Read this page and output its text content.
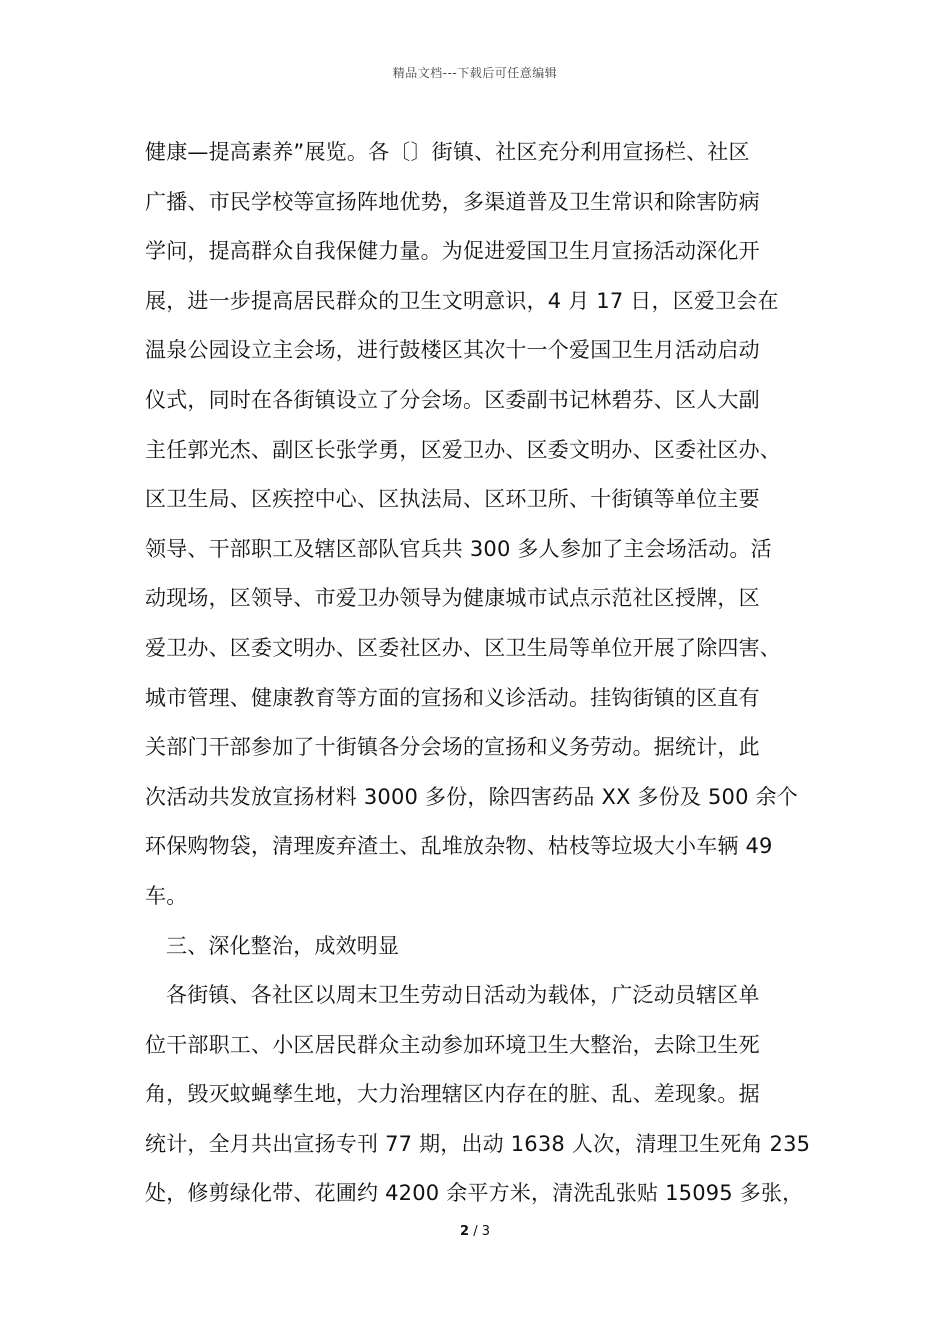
精品文档---下载后可任意编辑
健康—提高素养”展览。各〔〕街镇、社区充分利用宣扬栏、社区
广播、市民学校等宣扬阵地优势，多渠道普及卫生常识和除害防病
学问，提高群众自我保健力量。为促进爱国卫生月宣扬活动深化开
展，进一步提高居民群众的卫生文明意识，4 月 17 日，区爱卫会在
温泉公园设立主会场，进行鼓楼区其次十一个爱国卫生月活动启动
仪式，同时在各街镇设立了分会场。区委副书记林碧芬、区人大副
主任郭光杰、副区长张学勇，区爱卫办、区委文明办、区委社区办、
区卫生局、区疾控中心、区执法局、区环卫所、十街镇等单位主要
领导、干部职工及辖区部队官兵共 300 多人参加了主会场活动。活
动现场，区领导、市爱卫办领导为健康城市试点示范社区授牌，区
爱卫办、区委文明办、区委社区办、区卫生局等单位开展了除四害、
城市管理、健康教育等方面的宣扬和义诊活动。挂钩街镇的区直有
关部门干部参加了十街镇各分会场的宣扬和义务劳动。据统计，此
次活动共发放宣扬材料 3000 多份，除四害药品 XX 多份及 500 余个
环保购物袋，清理废弃渣土、乱堆放杂物、枯枝等垃圾大小车辆 49
车。
三、深化整治，成效明显
各街镇、各社区以周末卫生劳动日活动为载体，广泛动员辖区单
位干部职工、小区居民群众主动参加环境卫生大整治，去除卫生死
角，毁灭蚊蝇孳生地，大力治理辖区内存在的脏、乱、差现象。据
统计，全月共出宣扬专刊 77 期，出动 1638 人次，清理卫生死角 235
处，修剪绿化带、花圃约 4200 余平方米，清洗乱张贴 15095 多张，
2 / 3
